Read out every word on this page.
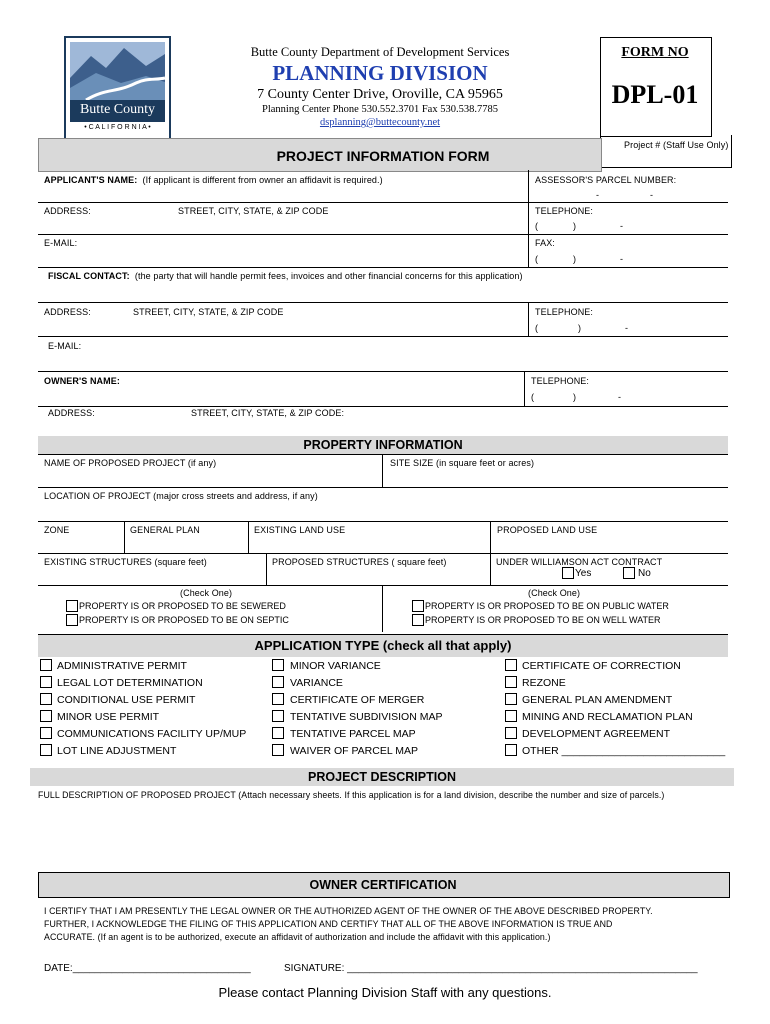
Butte County
• C A L I F O R N I A •
Butte County Department of Development Services
PLANNING DIVISION
7 County Center Drive, Oroville, CA 95965
Planning Center Phone 530.552.3701 Fax 530.538.7785
dsplanning@buttecounty.net
FORM NO
DPL-01
Project # (Staff Use Only)
PROJECT INFORMATION FORM
APPLICANT'S NAME: (If applicant is different from owner an affidavit is required.)	ASSESSOR'S PARCEL NUMBER:
-	-
ADDRESS:	STREET, CITY, STATE, & ZIP CODE	TELEPHONE:
(	)	-
E-MAIL:	FAX:
(	)	-
FISCAL CONTACT: (the party that will handle permit fees, invoices and other financial concerns for this application)
ADDRESS:	STREET, CITY, STATE, & ZIP CODE	TELEPHONE:
(	)	-
E-MAIL:
OWNER'S NAME:	TELEPHONE:
(	)	-
ADDRESS:	STREET, CITY, STATE, & ZIP CODE:
PROPERTY INFORMATION
NAME OF PROPOSED PROJECT (if any)	SITE SIZE (in square feet or acres)
LOCATION OF PROJECT (major cross streets and address, if any)
ZONE	GENERAL PLAN	EXISTING LAND USE	PROPOSED LAND USE
EXISTING STRUCTURES (square feet)	PROPOSED STRUCTURES ( square feet)	UNDER WILLIAMSON ACT CONTRACT
Yes	No
(Check One)
PROPERTY IS OR PROPOSED TO BE SEWERED
PROPERTY IS OR PROPOSED TO BE ON SEPTIC
(Check One)
PROPERTY IS OR PROPOSED TO BE ON PUBLIC WATER
PROPERTY IS OR PROPOSED TO BE ON WELL WATER
APPLICATION TYPE (check all that apply)
ADMINISTRATIVE PERMIT
LEGAL LOT DETERMINATION
CONDITIONAL USE PERMIT
MINOR USE PERMIT
COMMUNICATIONS FACILITY UP/MUP
LOT LINE ADJUSTMENT
MINOR VARIANCE
VARIANCE
CERTIFICATE OF MERGER
TENTATIVE SUBDIVISION MAP
TENTATIVE PARCEL MAP
WAIVER OF PARCEL MAP
CERTIFICATE OF CORRECTION
REZONE
GENERAL PLAN AMENDMENT
MINING AND RECLAMATION PLAN
DEVELOPMENT AGREEMENT
OTHER ____________________________
PROJECT DESCRIPTION
FULL DESCRIPTION OF PROPOSED PROJECT (Attach necessary sheets. If this application is for a land division, describe the number and size of parcels.)
OWNER CERTIFICATION
I CERTIFY THAT I AM PRESENTLY THE LEGAL OWNER OR THE AUTHORIZED AGENT OF THE OWNER OF THE ABOVE DESCRIBED PROPERTY.
FURTHER, I ACKNOWLEDGE THE FILING OF THIS APPLICATION AND CERTIFY THAT ALL OF THE ABOVE INFORMATION IS TRUE AND
ACCURATE. (If an agent is to be authorized, execute an affidavit of authorization and include the affidavit with this application.)
DATE:________________________________	SIGNATURE: _______________________________________________________________
Please contact Planning Division Staff with any questions.
